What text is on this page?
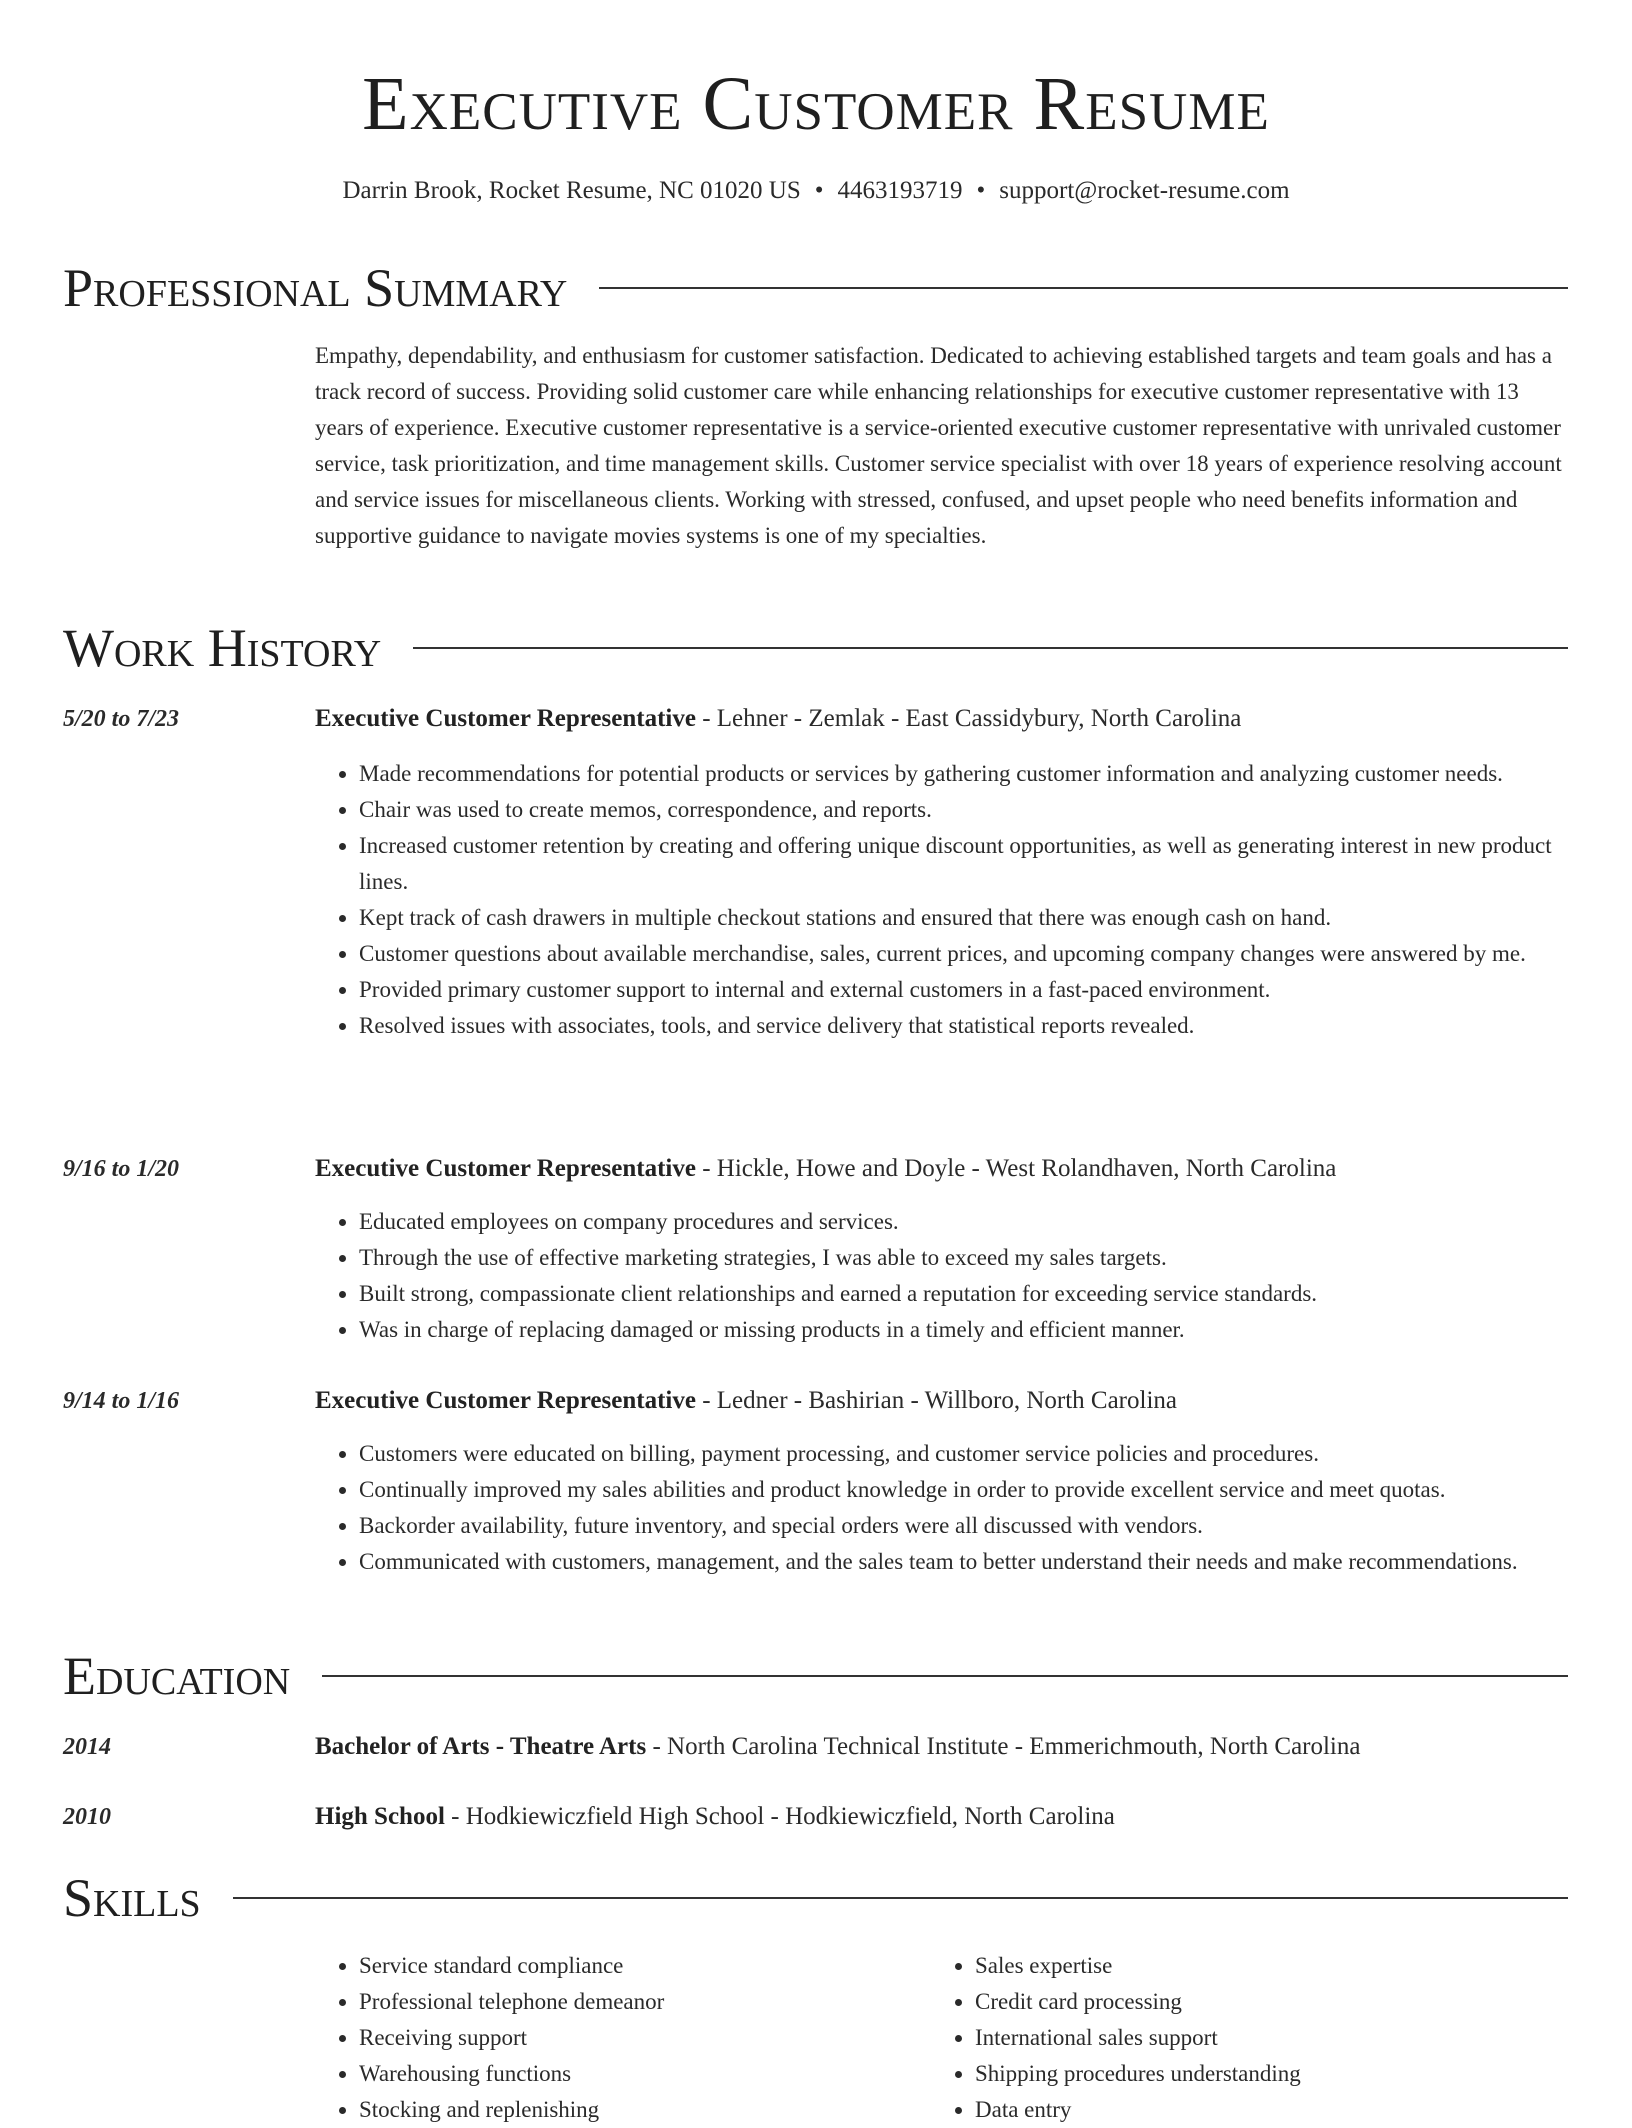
Executive Customer Resume
Darrin Brook, Rocket Resume, NC 01020 US • 4463193719 • support@rocket-resume.com
Professional Summary
Empathy, dependability, and enthusiasm for customer satisfaction. Dedicated to achieving established targets and team goals and has a track record of success. Providing solid customer care while enhancing relationships for executive customer representative with 13 years of experience. Executive customer representative is a service-oriented executive customer representative with unrivaled customer service, task prioritization, and time management skills. Customer service specialist with over 18 years of experience resolving account and service issues for miscellaneous clients. Working with stressed, confused, and upset people who need benefits information and supportive guidance to navigate movies systems is one of my specialties.
Work History
5/20 to 7/23	Executive Customer Representative - Lehner - Zemlak - East Cassidybury, North Carolina
• Made recommendations for potential products or services by gathering customer information and analyzing customer needs.
• Chair was used to create memos, correspondence, and reports.
• Increased customer retention by creating and offering unique discount opportunities, as well as generating interest in new product lines.
• Kept track of cash drawers in multiple checkout stations and ensured that there was enough cash on hand.
• Customer questions about available merchandise, sales, current prices, and upcoming company changes were answered by me.
• Provided primary customer support to internal and external customers in a fast-paced environment.
• Resolved issues with associates, tools, and service delivery that statistical reports revealed.
9/16 to 1/20	Executive Customer Representative - Hickle, Howe and Doyle - West Rolandhaven, North Carolina
• Educated employees on company procedures and services.
• Through the use of effective marketing strategies, I was able to exceed my sales targets.
• Built strong, compassionate client relationships and earned a reputation for exceeding service standards.
• Was in charge of replacing damaged or missing products in a timely and efficient manner.
9/14 to 1/16	Executive Customer Representative - Ledner - Bashirian - Willboro, North Carolina
• Customers were educated on billing, payment processing, and customer service policies and procedures.
• Continually improved my sales abilities and product knowledge in order to provide excellent service and meet quotas.
• Backorder availability, future inventory, and special orders were all discussed with vendors.
• Communicated with customers, management, and the sales team to better understand their needs and make recommendations.
Education
2014	Bachelor of Arts - Theatre Arts - North Carolina Technical Institute - Emmerichmouth, North Carolina
2010	High School - Hodkiewiczfield High School - Hodkiewiczfield, North Carolina
Skills
• Service standard compliance
• Professional telephone demeanor
• Receiving support
• Warehousing functions
• Stocking and replenishing
• Sales expertise
• Credit card processing
• International sales support
• Shipping procedures understanding
• Data entry
